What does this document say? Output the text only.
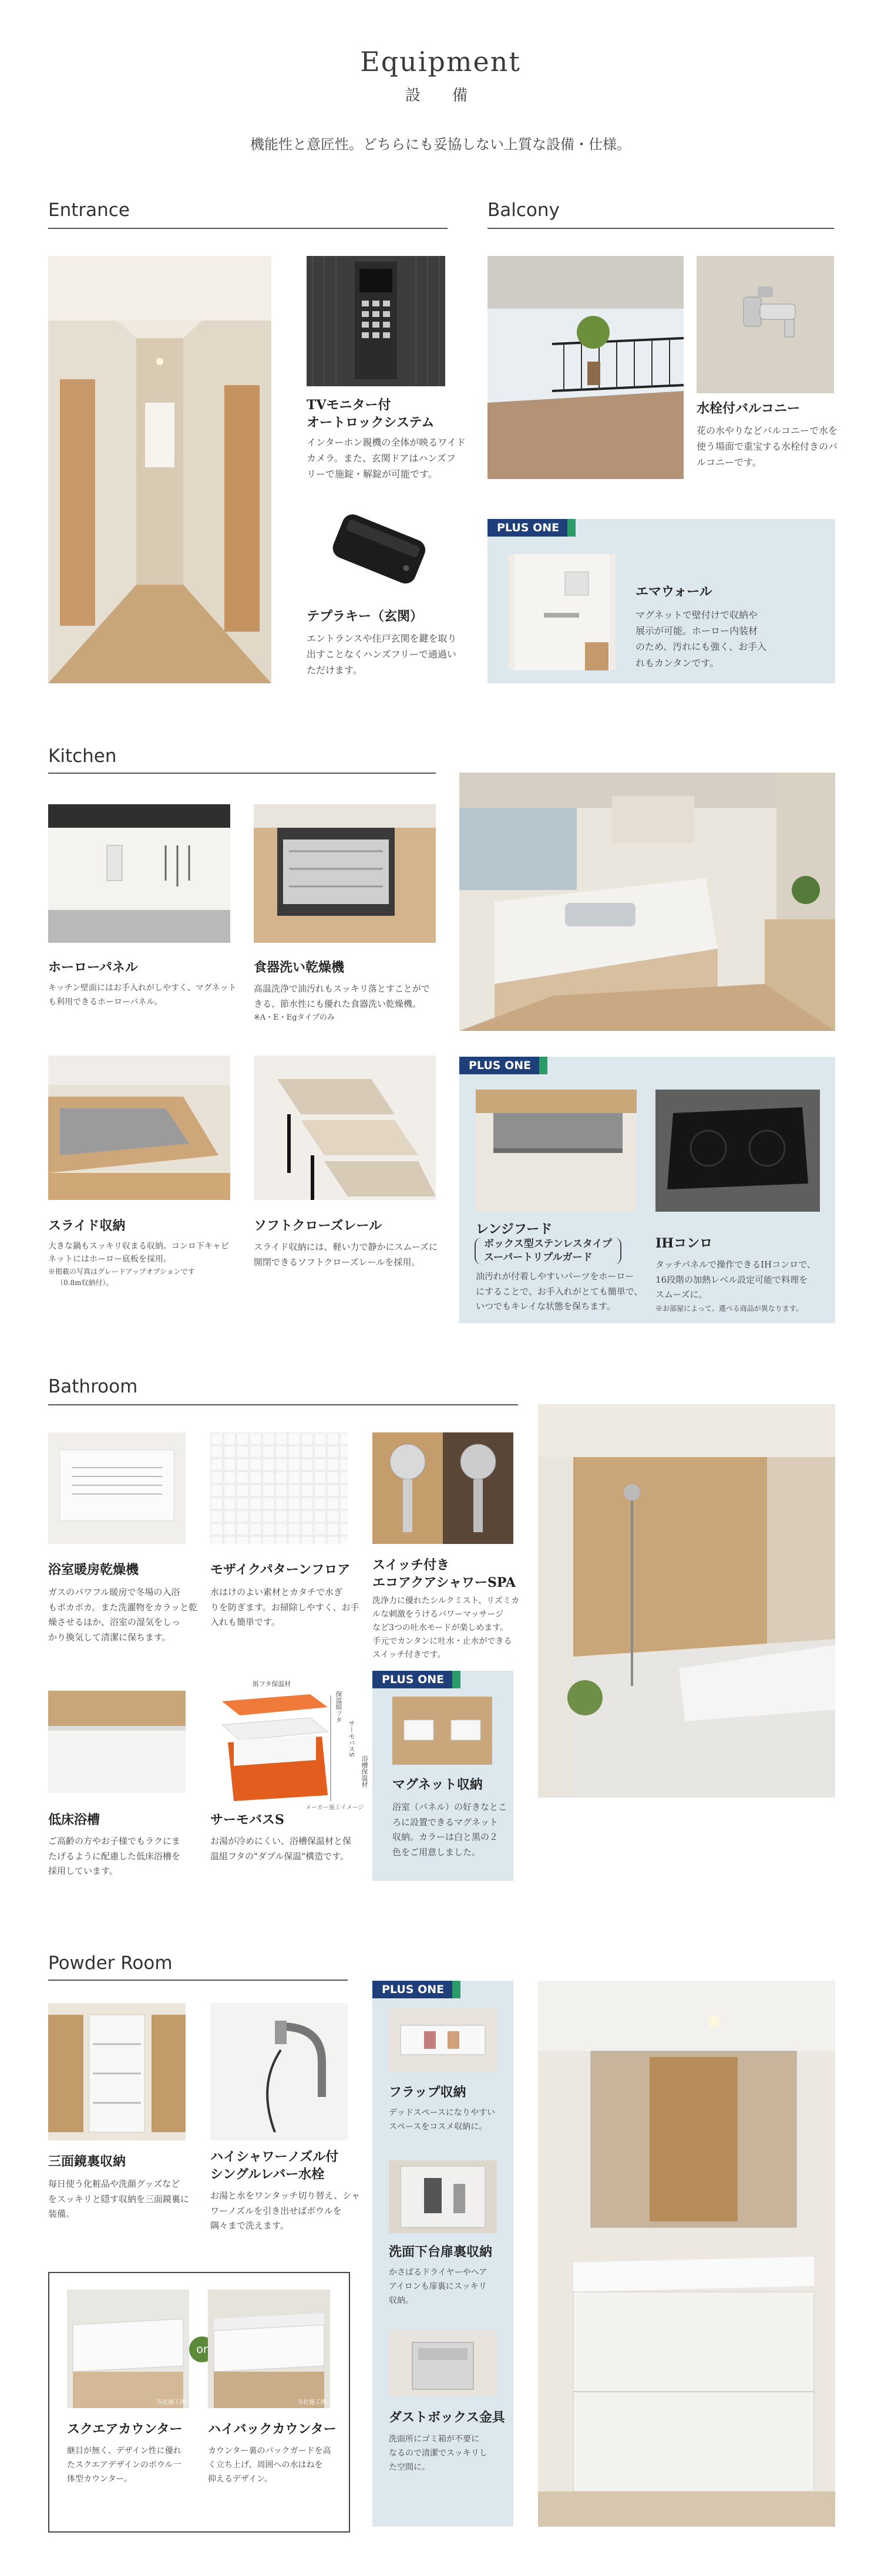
Equipment
設　備
機能性と意匠性。どちらにも妥協しない上質な設備・仕様。
Entrance
TVモニター付
オートロックシステム
インターホン親機の全体が映るワイド
カメラ。また、玄関ドアはハンズフ
リーで施錠・解錠が可能です。
テプラキー（玄関）
エントランスや住戸玄関を鍵を取り
出すことなくハンズフリーで通過い
ただけます。
Balcony
水栓付バルコニー
花の水やりなどバルコニーで水を
使う場面で重宝する水栓付きのバ
ルコニーです。
PLUS ONE
エマウォール
マグネットで壁付けで収納や
展示が可能。ホーロー内装材
のため、汚れにも強く、お手入
れもカンタンです。
Kitchen
ホーローパネル
キッチン壁面にはお手入れがしやすく、マグネット
も利用できるホーローパネル。
食器洗い乾燥機
高温洗浄で油汚れもスッキリ落とすことがで
きる、節水性にも優れた食器洗い乾燥機。
※A・E・Egタイプのみ
スライド収納
大きな鍋もスッキリ収まる収納。コンロ下キャビ
ネットにはホーロー底板を採用。
※掲載の写真はグレードアップオプションです
（0.8m収納付）。
ソフトクローズレール
スライド収納には、軽い力で静かにスムーズに
開閉できるソフトクローズレールを採用。
PLUS ONE
レンジフード
ボックス型ステンレスタイプ
スーパートリプルガード
油汚れが付着しやすいパーツをホーロー
にすることで、お手入れがとても簡単で、
いつでもキレイな状態を保ちます。
IHコンロ
タッチパネルで操作できるIHコンロで、
16段階の加熱レベル設定可能で料理を
スムーズに。
※お部屋によって、選べる商品が異なります。
Bathroom
浴室暖房乾燥機
ガスのパワフル暖房で冬場の入浴
もポカポカ。また洗濯物をカラッと乾
燥させるほか、浴室の湿気をしっ
かり換気して清潔に保ちます。
モザイクパターンフロア
水はけのよい素材とカタチで水ぎ
りを防ぎます。お掃除しやすく、お手
入れも簡単です。
スイッチ付き
エコアクアシャワーSPA
洗浄力に優れたシルクミスト、リズミカ
ルな刺激をうけるパワーマッサージ
など3つの吐水モードが楽しめます。
手元でカンタンに吐水・止水ができる
スイッチ付きです。
低床浴槽
ご高齢の方やお子様でもラクにま
たげるように配慮した低床浴槽を
採用しています。
組フタ保温材
保温組フタ
サーモバスS
浴槽保温材
メーカー施工イメージ
サーモバスS
お湯が冷めにくい、浴槽保温材と保
温組フタの"ダブル保温"構造です。
PLUS ONE
マグネット収納
浴室（パネル）の好きなとこ
ろに設置できるマグネット
収納。カラーは白と黒の２
色をご用意しました。
Powder Room
三面鏡裏収納
毎日使う化粧品や洗顔グッズなど
をスッキリと隠す収納を三面鏡裏に
装備。
ハイシャワーノズル付
シングルレバー水栓
お湯と水をワンタッチ切り替え、シャ
ワーノズルを引き出せばボウルを
隅々まで洗えます。
当社施工例
or
当社施工例
スクエアカウンター
継目が無く、デザイン性に優れ
たスクエアデザインのボウル一
体型カウンター。
ハイバックカウンター
カウンター裏のバックガードを高
く立ち上げ、周囲への水はねを
抑えるデザイン。
PLUS ONE
フラップ収納
デッドスペースになりやすい
スペースをコスメ収納に。
洗面下台扉裏収納
かさばるドライヤーやヘア
アイロンも扉裏にスッキリ
収納。
ダストボックス金具
洗面所にゴミ箱が不要に
なるので清潔でスッキリし
た空間に。
